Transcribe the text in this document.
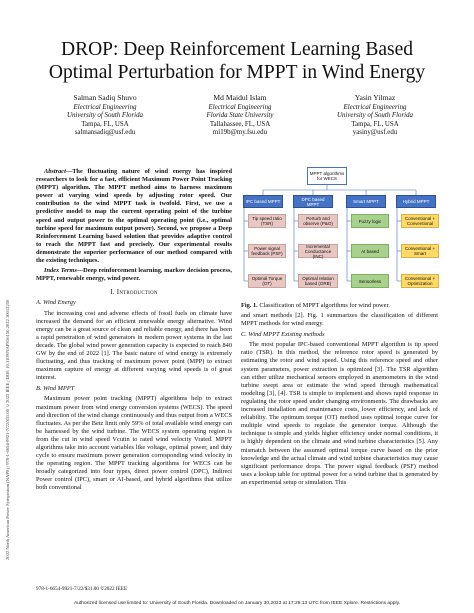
2022 North American Power Symposium (NAPS) | 978-1-6654-9921-7/22/$31.00 ©2022 IEEE | DOI: 10.1109/NAPS56150.2022.10012250
DROP: Deep Reinforcement Learning Based Optimal Perturbation for MPPT in Wind Energy
Salman Sadiq Shuvo
Electrical Engineering
University of South Florida
Tampa, FL, USA
salmansadiq@usf.edu
Md Maidul Islam
Electrical Engineering
Florida State University
Tallahassee, FL, USA
mi19b@my.fsu.edu
Yasin Yilmaz
Electrical Engineering
University of South Florida
Tampa, FL, USA
yasiny@usf.edu

Abstract—The fluctuating nature of wind energy has inspired researchers to look for a fast, efficient Maximum Power Point Tracking (MPPT) algorithm. The MPPT method aims to harness maximum power at varying wind speeds by adjusting rotor speed. Our contribution to the wind MPPT task is twofold. First, we use a predictive model to map the current operating point of the turbine speed and output power to the optimal operating point (i.e., optimal turbine speed for maximum output power). Second, we propose a Deep Reinforcement Learning based solution that provides adaptive control to reach the MPPT fast and precisely. Our experimental results demonstrate the superior performance of our method compared with the existing techniques.

Index Terms—Deep reinforcement learning, markov decision process, MPPT, renewable energy, wind power.

I. Introduction
A. Wind Energy

The increasing cost and adverse effects of fossil fuels on climate have increased the demand for an efficient renewable energy alternative. Wind energy can be a great source of clean and reliable energy, and there has been a rapid penetration of wind generators in modern power systems in the last decade. The global wind power generation capacity is expected to reach 840 GW by the end of 2022 [1]. The basic nature of wind energy is extremely fluctuating, and thus tracking of maximum power point (MPP) to extract maximum capture of energy at different varying wind speeds is of great interest.

B. Wind MPPT

Maximum power point tracking (MPPT) algorithms help to extract maximum power from wind energy conversion systems (WECS). The speed and direction of the wind change continuously and thus output from a WECS fluctuates. As per the Betz limit only 59% of total available wind energy can be harnessed by the wind turbine. The WECS system operating region is from the cut in wind speed Vcutin to rated wind velocity Vrated. MPPT algorithms take into account variables like voltage, optimal power, and duty cycle to ensure maximum power generation corresponding wind velocity in the operating region. The MPPT tracking algorithms for WECS can be broadly categorized into four types, direct power control (DPC), Indirect Power control (IPC), smart or AI-based, and hybrid algorithms that utilize both conventional

MPPT algorithms for WECS
IPC based MPPT	DPC based MPPT	Smart MPPT	Hybrid MPPT
Tip speed ratio (TSR)
Power signal feedback (PSF)
Optimal Torque (OT)
Perturb and observe (P&O)
Incremental Conductance (INC)
Optimal relation based (ORB)
Fuzzy logic
AI based
Sensorless
Conventional + Conventional
Conventional + Smart
Conventional + Optimization

Fig. 1. Classification of MPPT algorithms for wind power.

and smart methods [2]. Fig. 1 summarizes the classification of different MPPT methods for wind energy.

C. Wind MPPT Existing methods

The most popular IPC-based conventional MPPT algorithm is tip speed ratio (TSR). In this method, the reference rotor speed is generated by estimating the rotor and wind speed. Using this reference speed and other system parameters, power extraction is optimized [3]. The TSR algorithm can either utilize mechanical sensors employed in anemometers in the wind turbine swept area or estimate the wind speed through mathematical modeling [3], [4]. TSR is simple to implement and shows rapid response in regulating the rotor speed under changing environments. The drawbacks are increased installation and maintenance costs, lower efficiency, and lack of reliability. The optimum torque (OT) method uses optimal torque curve for multiple wind speeds to regulate the generator torque. Although the technique is simple and yields higher efficiency under normal conditions, it is highly dependent on the climate and wind turbine characteristics [5]. Any mismatch between the assumed optimal torque curve based on the prior knowledge and the actual climate and wind turbine characteristics may cause significant performance drops. The power signal feedback (PSF) method uses a lookup table for optimal power for a wind turbine that is generated by an experimental setup or simulation. This

978-1-6654-9921-7/22/$31.00 ©2022 IEEE
Authorized licensed use limited to: University of South Florida. Downloaded on January 30,2023 at 17:29:13 UTC from IEEE Xplore. Restrictions apply.
